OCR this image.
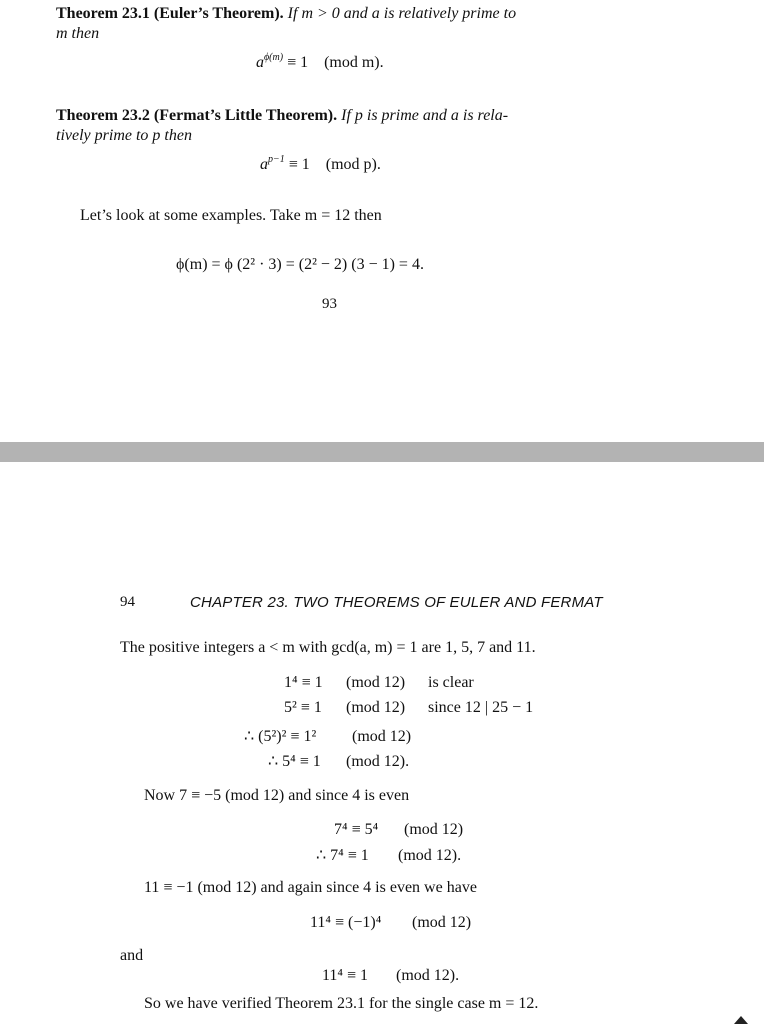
Theorem 23.1 (Euler’s Theorem). If m > 0 and a is relatively prime to
m then
$a^{\phi(m)} \equiv 1$    (mod m).
Theorem 23.2 (Fermat’s Little Theorem). If p is prime and a is rela-
tively prime to p then
$a^{p-1} \equiv 1$    (mod p).
Let’s look at some examples. Take m = 12 then
ϕ(m) = ϕ (2² · 3) = (2² − 2) (3 − 1) = 4.
93
94	CHAPTER 23. TWO THEOREMS OF EULER AND FERMAT
The positive integers a < m with gcd(a, m) = 1 are 1, 5, 7 and 11.
1⁴ ≡ 1 (mod 12) is clear
5² ≡ 1 (mod 12) since 12 | 25 − 1
∴ (5²)² ≡ 1² (mod 12)
∴ 5⁴ ≡ 1 (mod 12).
Now 7 ≡ −5 (mod 12) and since 4 is even
7⁴ ≡ 5⁴ (mod 12)
∴ 7⁴ ≡ 1 (mod 12).
11 ≡ −1 (mod 12) and again since 4 is even we have
11⁴ ≡ (−1)⁴ (mod 12)
and
11⁴ ≡ 1 (mod 12).
So we have verified Theorem 23.1 for the single case m = 12.
